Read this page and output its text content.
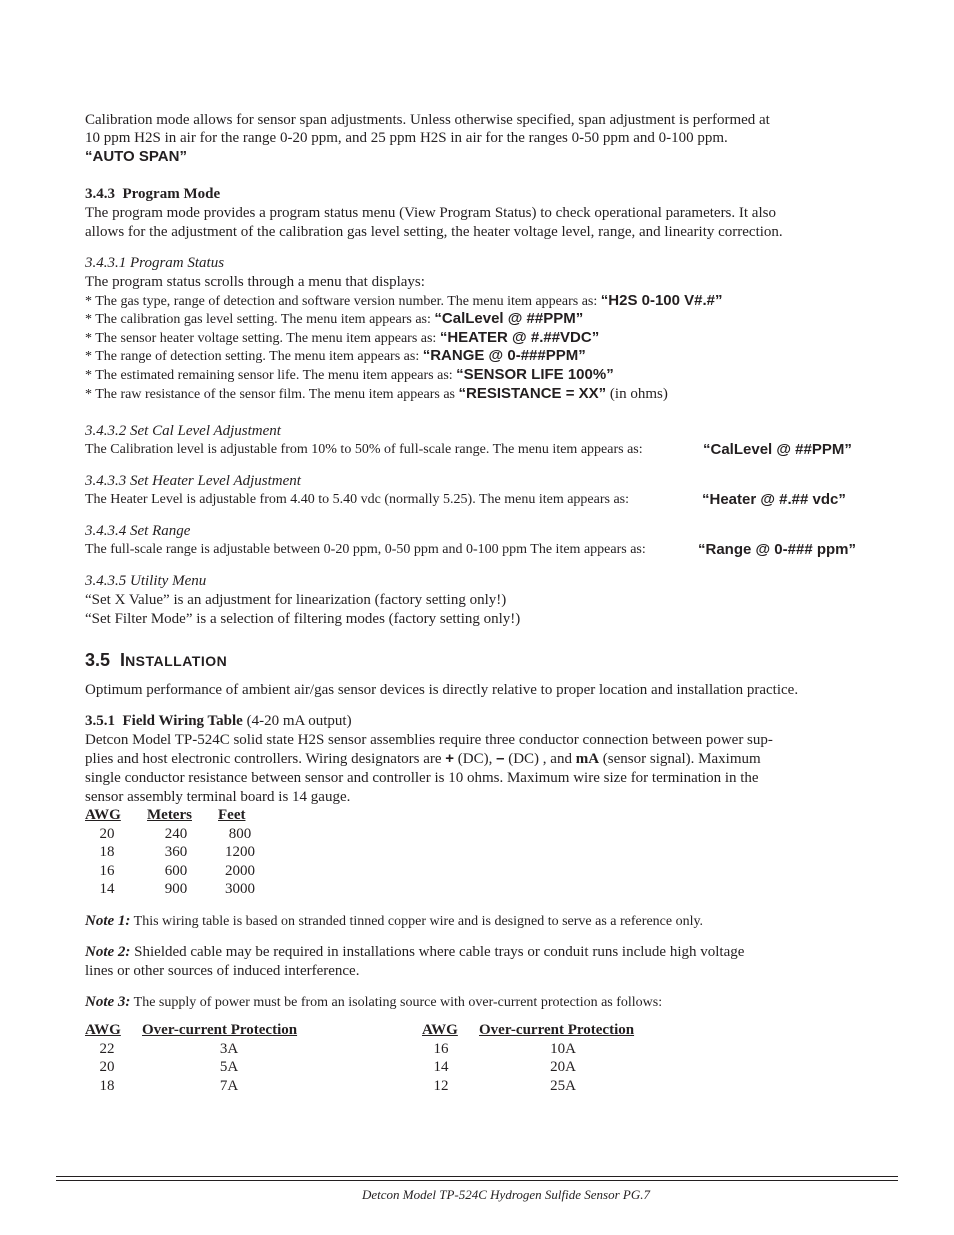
Calibration mode allows for sensor span adjustments. Unless otherwise specified, span adjustment is performed at
10 ppm H2S in air for the range 0-20 ppm, and 25 ppm H2S in air for the ranges 0-50 ppm and 0-100 ppm.
“AUTO SPAN”
3.4.3 Program Mode
The program mode provides a program status menu (View Program Status) to check operational parameters. It also
allows for the adjustment of the calibration gas level setting, the heater voltage level, range, and linearity correction.
3.4.3.1 Program Status
The program status scrolls through a menu that displays:
* The gas type, range of detection and software version number. The menu item appears as: “H2S 0-100 V#.#”
* The calibration gas level setting. The menu item appears as: “CalLevel @ ##PPM”
* The sensor heater voltage setting. The menu item appears as: “HEATER @ #.##VDC”
* The range of detection setting. The menu item appears as: “RANGE @ 0-###PPM”
* The estimated remaining sensor life. The menu item appears as: “SENSOR LIFE 100%”
* The raw resistance of the sensor film. The menu item appears as “RESISTANCE = XX” (in ohms)
3.4.3.2 Set Cal Level Adjustment
The Calibration level is adjustable from 10% to 50% of full-scale range. The menu item appears as:	“CalLevel @ ##PPM”
3.4.3.3 Set Heater Level Adjustment
The Heater Level is adjustable from 4.40 to 5.40 vdc (normally 5.25). The menu item appears as:	“Heater @ #.## vdc”
3.4.3.4 Set Range
The full-scale range is adjustable between 0-20 ppm, 0-50 ppm and 0-100 ppm The item appears as:	“Range @ 0-### ppm”
3.4.3.5 Utility Menu
“Set X Value” is an adjustment for linearization (factory setting only!)
“Set Filter Mode” is a selection of filtering modes (factory setting only!)
3.5 INSTALLATION
Optimum performance of ambient air/gas sensor devices is directly relative to proper location and installation practice.
3.5.1 Field Wiring Table (4-20 mA output)
Detcon Model TP-524C solid state H2S sensor assemblies require three conductor connection between power sup-
plies and host electronic controllers. Wiring designators are + (DC), – (DC) , and mA (sensor signal). Maximum
single conductor resistance between sensor and controller is 10 ohms. Maximum wire size for termination in the
sensor assembly terminal board is 14 gauge.
AWG	Meters	Feet
20	240	800
18	360	1200
16	600	2000
14	900	3000
Note 1: This wiring table is based on stranded tinned copper wire and is designed to serve as a reference only.
Note 2: Shielded cable may be required in installations where cable trays or conduit runs include high voltage
lines or other sources of induced interference.
Note 3: The supply of power must be from an isolating source with over-current protection as follows:
AWG	Over-current Protection
22	3A
20	5A
18	7A
AWG	Over-current Protection
16	10A
14	20A
12	25A
Detcon Model TP-524C Hydrogen Sulfide Sensor PG.7
